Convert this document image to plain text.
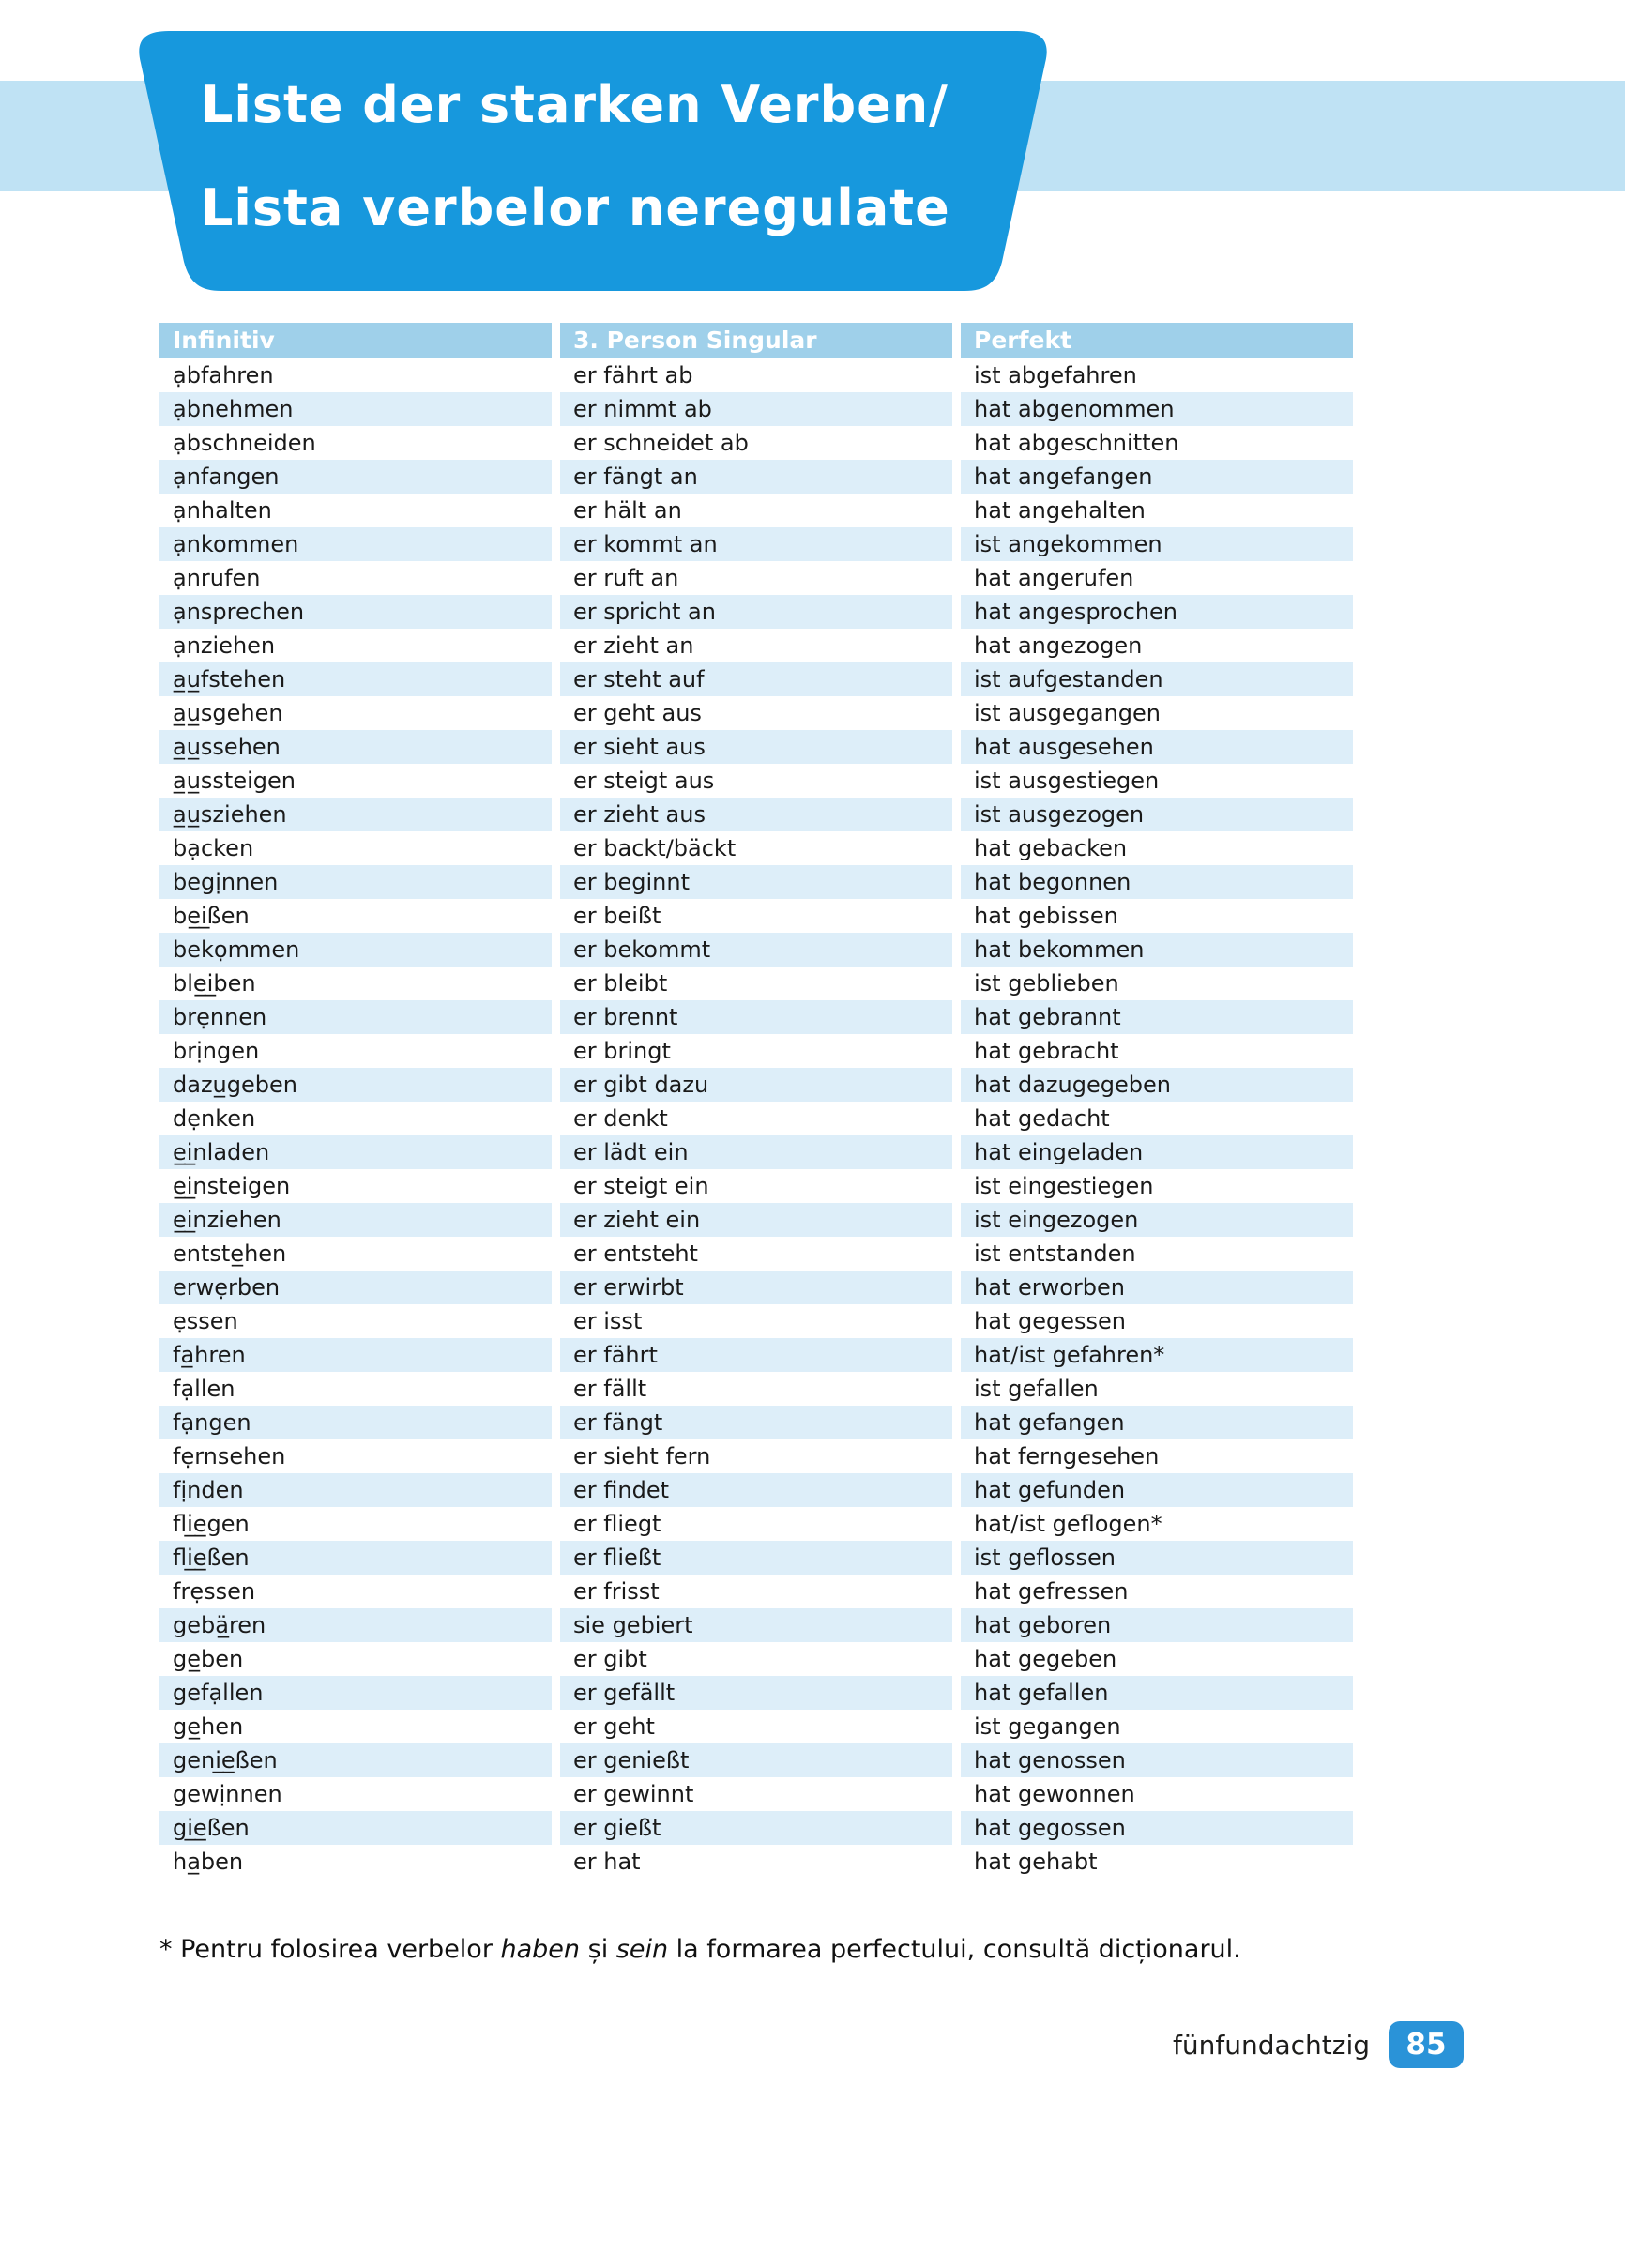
Liste der starken Verben/
Lista verbelor neregulate
Infinitiv	3. Person Singular	Perfekt
ạbfahren	er fährt ab	ist abgefahren
ạbnehmen	er nimmt ab	hat abgenommen
ạbschneiden	er schneidet ab	hat abgeschnitten
ạnfangen	er fängt an	hat angefangen
ạnhalten	er hält an	hat angehalten
ạnkommen	er kommt an	ist angekommen
ạnrufen	er ruft an	hat angerufen
ạnsprechen	er spricht an	hat angesprochen
ạnziehen	er zieht an	hat angezogen
a̲u̲fstehen	er steht auf	ist aufgestanden
a̲u̲sgehen	er geht aus	ist ausgegangen
a̲u̲ssehen	er sieht aus	hat ausgesehen
a̲u̲ssteigen	er steigt aus	ist ausgestiegen
a̲u̲sziehen	er zieht aus	ist ausgezogen
bạcken	er backt/bäckt	hat gebacken
begịnnen	er beginnt	hat begonnen
be̲i̲ßen	er beißt	hat gebissen
bekọmmen	er bekommt	hat bekommen
ble̲i̲ben	er bleibt	ist geblieben
brẹnnen	er brennt	hat gebrannt
brịngen	er bringt	hat gebracht
dazu̲geben	er gibt dazu	hat dazugegeben
dẹnken	er denkt	hat gedacht
e̲i̲nladen	er lädt ein	hat eingeladen
e̲i̲nsteigen	er steigt ein	ist eingestiegen
e̲i̲nziehen	er zieht ein	ist eingezogen
entste̲hen	er entsteht	ist entstanden
erwẹrben	er erwirbt	hat erworben
ẹssen	er isst	hat gegessen
fa̲hren	er fährt	hat/ist gefahren*
fạllen	er fällt	ist gefallen
fạngen	er fängt	hat gefangen
fẹrnsehen	er sieht fern	hat ferngesehen
fịnden	er findet	hat gefunden
fli̲e̲gen	er fliegt	hat/ist geflogen*
fli̲e̲ßen	er fließt	ist geflossen
frẹssen	er frisst	hat gefressen
gebä̲ren	sie gebiert	hat geboren
ge̲ben	er gibt	hat gegeben
gefạllen	er gefällt	hat gefallen
ge̲hen	er geht	ist gegangen
geni̲e̲ßen	er genießt	hat genossen
gewịnnen	er gewinnt	hat gewonnen
gi̲e̲ßen	er gießt	hat gegossen
ha̲ben	er hat	hat gehabt

* Pentru folosirea verbelor haben și sein la formarea perfectului, consultă dicționarul.

fünfundachtzig	85
